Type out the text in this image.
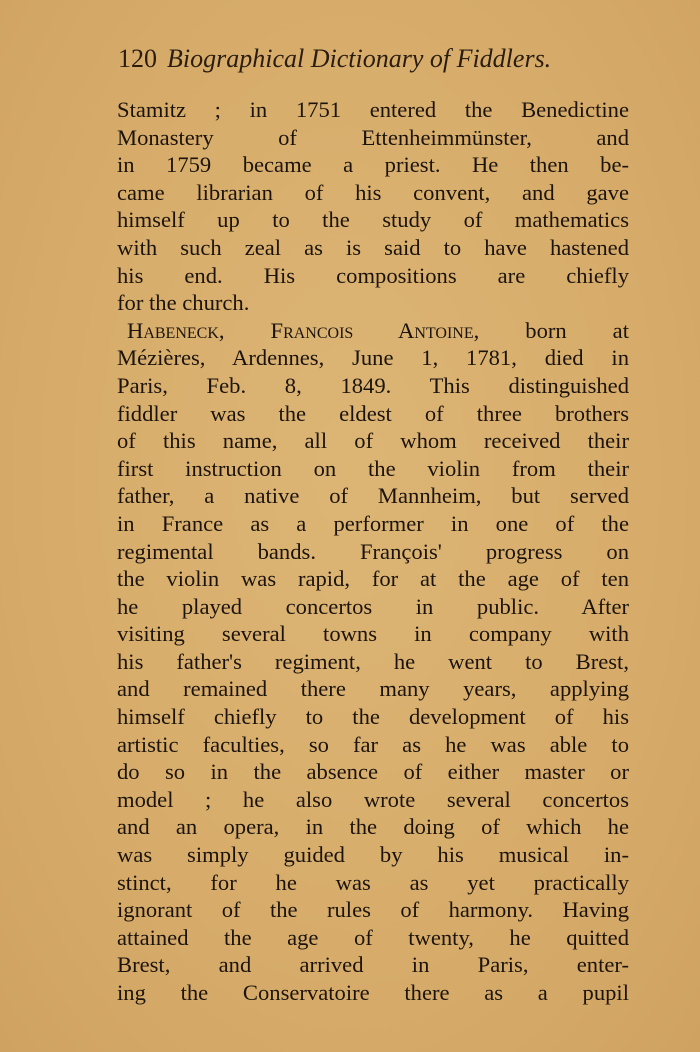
120 Biographical Dictionary of Fiddlers.
Stamitz ; in 1751 entered the Benedictine
Monastery of Ettenheimmünster, and
in 1759 became a priest. He then be-
came librarian of his convent, and gave
himself up to the study of mathematics
with such zeal as is said to have hastened
his end. His compositions are chiefly
for the church.
Habeneck, Francois Antoine, born at
Mézières, Ardennes, June 1, 1781, died in
Paris, Feb. 8, 1849. This distinguished
fiddler was the eldest of three brothers
of this name, all of whom received their
first instruction on the violin from their
father, a native of Mannheim, but served
in France as a performer in one of the
regimental bands. François' progress on
the violin was rapid, for at the age of ten
he played concertos in public. After
visiting several towns in company with
his father's regiment, he went to Brest,
and remained there many years, applying
himself chiefly to the development of his
artistic faculties, so far as he was able to
do so in the absence of either master or
model ; he also wrote several concertos
and an opera, in the doing of which he
was simply guided by his musical in-
stinct, for he was as yet practically
ignorant of the rules of harmony. Having
attained the age of twenty, he quitted
Brest, and arrived in Paris, enter-
ing the Conservatoire there as a pupil
